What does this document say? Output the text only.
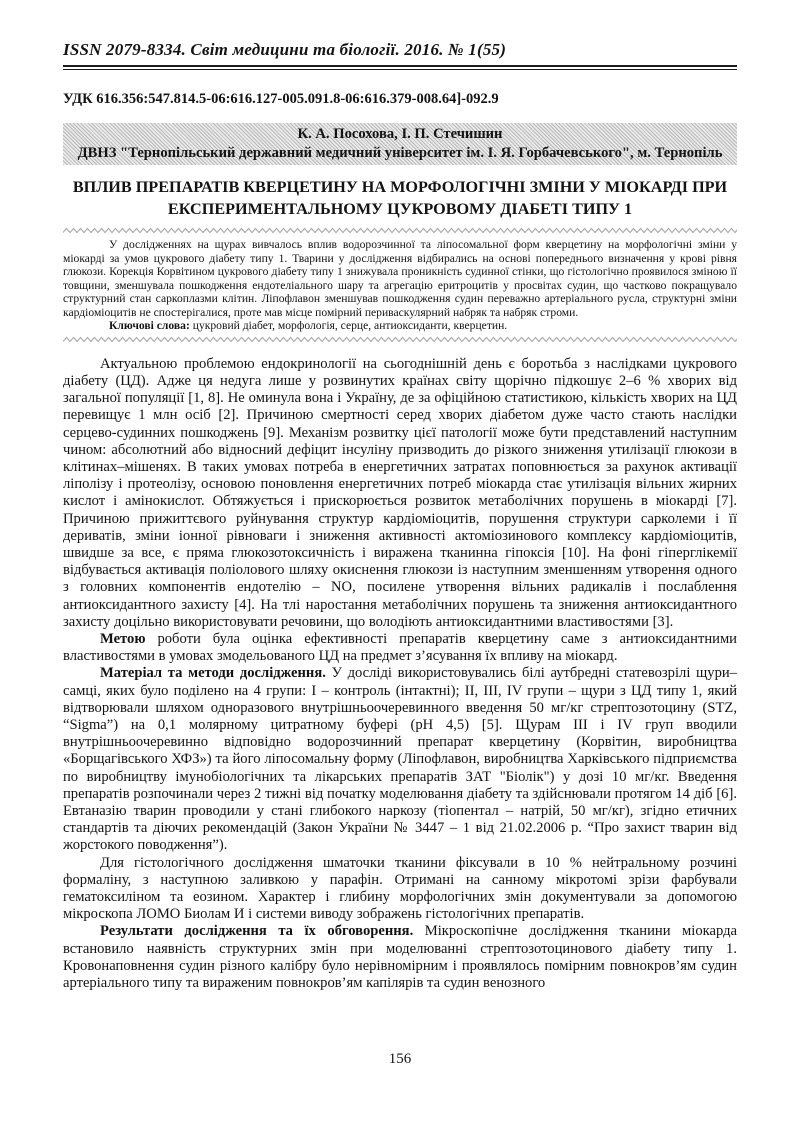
ISSN 2079-8334. Світ медицини та біології. 2016. № 1(55)
УДК 616.356:547.814.5-06:616.127-005.091.8-06:616.379-008.64]-092.9
К. А. Посохова, І. П. Стечишин
ДВНЗ "Тернопільський державний медичний університет ім. І. Я. Горбачевського", м. Тернопіль
ВПЛИВ ПРЕПАРАТІВ КВЕРЦЕТИНУ НА МОРФОЛОГІЧНІ ЗМІНИ У МІОКАРДІ ПРИ ЕКСПЕРИМЕНТАЛЬНОМУ ЦУКРОВОМУ ДІАБЕТІ ТИПУ 1

У дослідженнях на щурах вивчалось вплив водорозчинної та ліпосомальної форм кверцетину на морфологічні зміни у міокарді за умов цукрового діабету типу 1. Тварини у дослідження відбирались на основі попереднього визначення у крові рівня глюкози. Корекція Корвітином цукрового діабету типу 1 знижувала проникність судинної стінки, що гістологічно проявилося зміною її товщини, зменшувала пошкодження ендотеліального шару та агрегацію еритроцитів у просвітах судин, що частково покращувало структурний стан саркоплазми клітин. Ліпофлавон зменшував пошкодження судин переважно артеріального русла, структурні зміни кардіоміоцитів не спостерігалися, проте мав місце помірний периваскулярний набряк та набряк строми.

Ключові слова: цукровий діабет, морфологія, серце, антиоксиданти, кверцетин.

Актуальною проблемою ендокринології на сьогоднішній день є боротьба з наслідками цукрового діабету (ЦД). Адже ця недуга лише у розвинутих країнах світу щорічно підкошує 2–6 % хворих від загальної популяції [1, 8]. Не оминула вона і Україну, де за офіційною статистикою, кількість хворих на ЦД перевищує 1 млн осіб [2]. Причиною смертності серед хворих діабетом дуже часто стають наслідки серцево-судинних пошкоджень [9]. Механізм розвитку цієї патології може бути представлений наступним чином: абсолютний або відносний дефіцит інсуліну призводить до різкого зниження утилізації глюкози в клітинах–мішенях. В таких умовах потреба в енергетичних затратах поповнюється за рахунок активації ліполізу і протеолізу, основою поновлення енергетичних потреб міокарда стає утилізація вільних жирних кислот і амінокислот. Обтяжується і прискорюється розвиток метаболічних порушень в міокарді [7]. Причиною прижиттєвого руйнування структур кардіоміоцитів, порушення структури сарколеми і її дериватів, зміни іонної рівноваги і зниження активності актоміозинового комплексу кардіоміоцитів, швидше за все, є пряма глюкозотоксичність і виражена тканинна гіпоксія [10]. На фоні гіперглікемії відбувається активація поліолового шляху окиснення глюкози із наступним зменшенням утворення одного з головних компонентів ендотелію – NO, посилене утворення вільних радикалів і послаблення антиоксидантного захисту [4]. На тлі наростання метаболічних порушень та зниження антиоксидантного захисту доцільно використовувати речовини, що володіють антиоксидантними властивостями [3].

Метою роботи була оцінка ефективності препаратів кверцетину саме з антиоксидантними властивостями в умовах змодельованого ЦД на предмет з’ясування їх впливу на міокард.

Матеріал та методи дослідження. У досліді використовувались білі аутбредні статевозрілі щури–самці, яких було поділено на 4 групи: I – контроль (інтактні); II, III, IV групи – щури з ЦД типу 1, який відтворювали шляхом одноразового внутрішньоочеревинного введення 50 мг/кг стрептозотоцину (STZ, “Sigma”) на 0,1 молярному цитратному буфері (pH 4,5) [5]. Щурам III і IV груп вводили внутрішньоочеревинно відповідно водорозчинний препарат кверцетину (Корвітин, виробництва «Борщагівського ХФЗ») та його ліпосомальну форму (Ліпофлавон, виробництва Харківського підприємства по виробництву імунобіологічних та лікарських препаратів ЗАТ "Біолік") у дозі 10 мг/кг. Введення препаратів розпочинали через 2 тижні від початку моделювання діабету та здійснювали протягом 14 діб [6]. Евтаназію тварин проводили у стані глибокого наркозу (тіопентал – натрій, 50 мг/кг), згідно етичних стандартів та діючих рекомендацій (Закон України № 3447 – 1 від 21.02.2006 р. “Про захист тварин від жорстокого поводження”).

Для гістологічного дослідження шматочки тканини фіксували в 10 % нейтральному розчині формаліну, з наступною заливкою у парафін. Отримані на санному мікротомі зрізи фарбували гематоксиліном та еозином. Характер і глибину морфологічних змін документували за допомогою мікроскопа ЛОМО Биолам И і системи виводу зображень гістологічних препаратів.

Результати дослідження та їх обговорення. Мікроскопічне дослідження тканини міокарда встановило наявність структурних змін при моделюванні стрептозотоцинового діабету типу 1. Кровонаповнення судин різного калібру було нерівномірним і проявлялось помірним повнокров’ям судин артеріального типу та вираженим повнокров’ям капілярів та судин венозного

156
